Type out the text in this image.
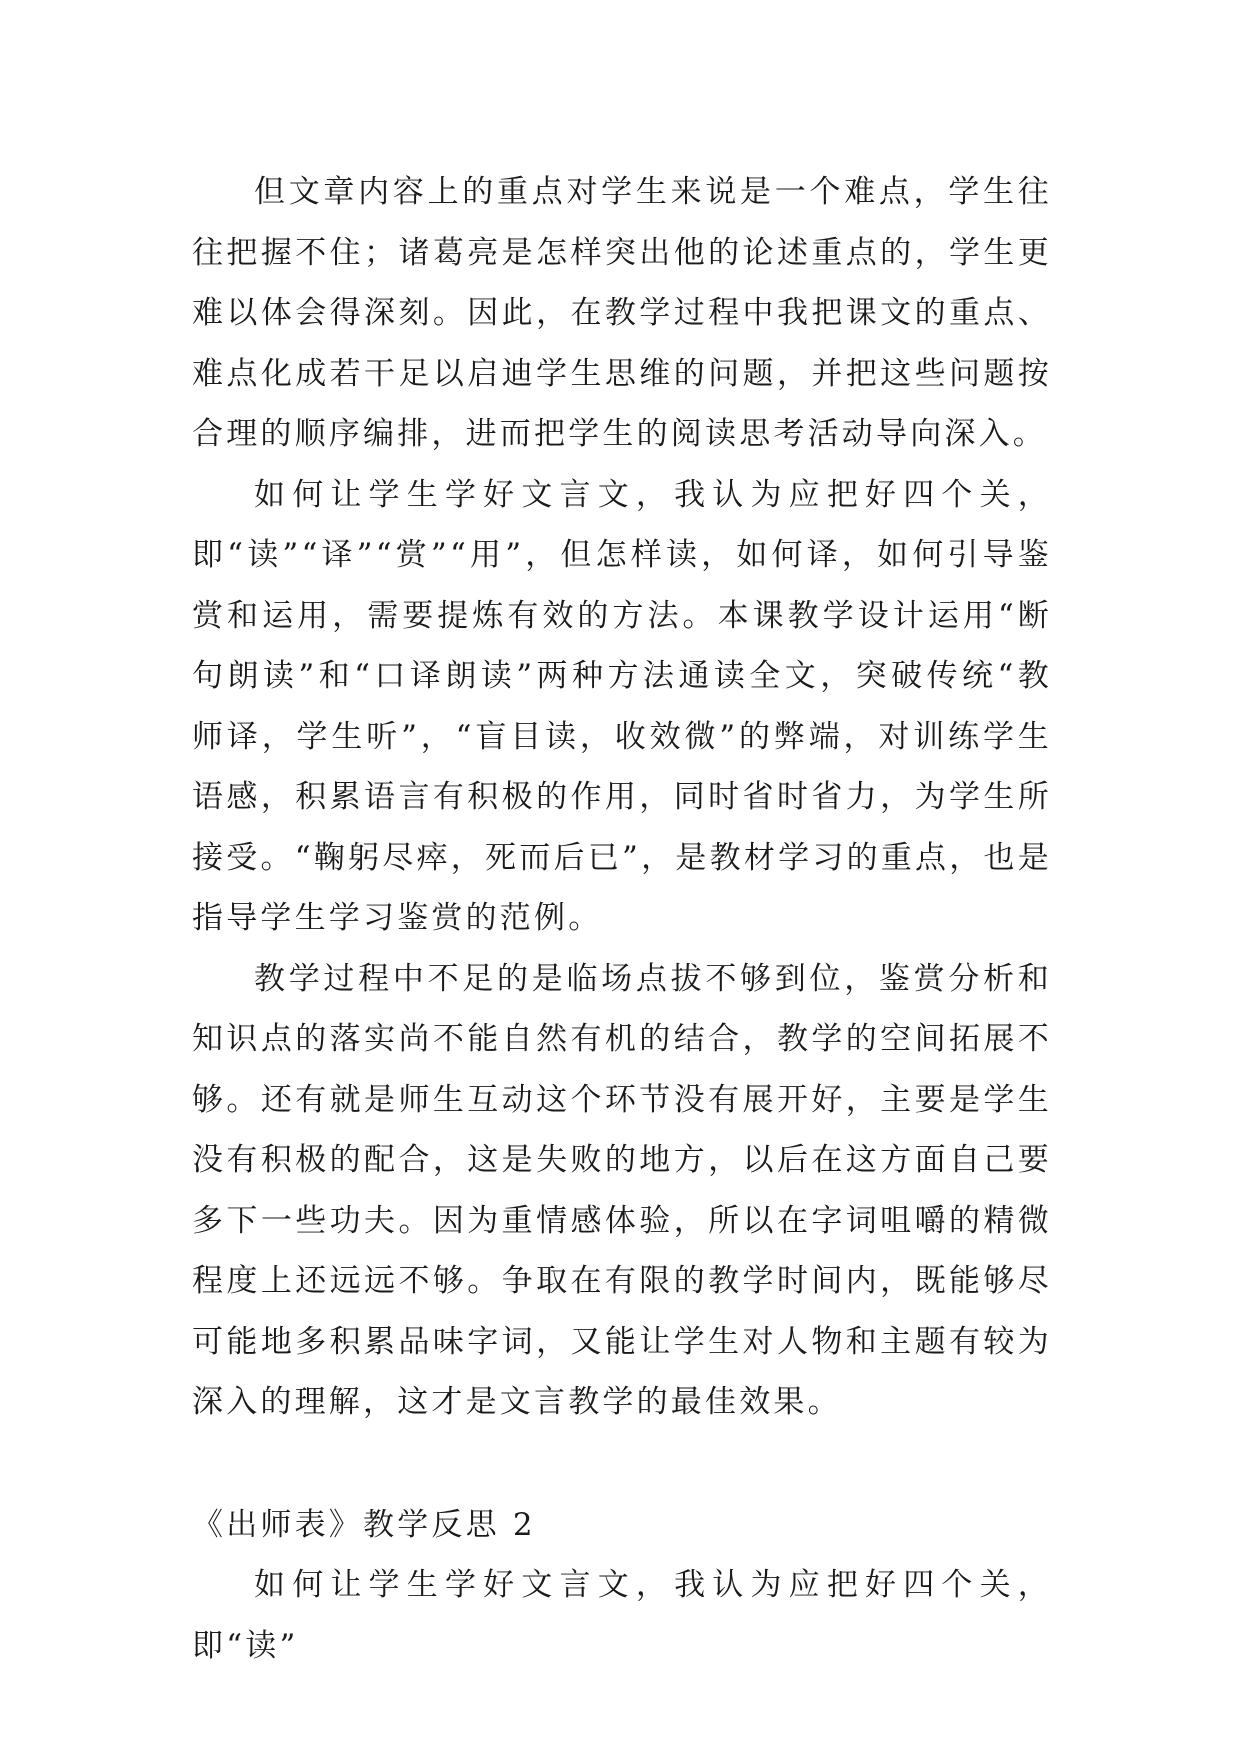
但文章内容上的重点对学生来说是一个难点，学生往往把握不住；诸葛亮是怎样突出他的论述重点的，学生更难以体会得深刻。因此，在教学过程中我把课文的重点、难点化成若干足以启迪学生思维的问题，并把这些问题按合理的顺序编排，进而把学生的阅读思考活动导向深入。

如何让学生学好文言文，我认为应把好四个关，即“读”“译”“赏”“用”，但怎样读，如何译，如何引导鉴赏和运用，需要提炼有效的方法。本课教学设计运用“断句朗读”和“口译朗读”两种方法通读全文，突破传统“教师译，学生听”，“盲目读，收效微”的弊端，对训练学生语感，积累语言有积极的作用，同时省时省力，为学生所接受。“鞠躬尽瘁，死而后已”，是教材学习的重点，也是指导学生学习鉴赏的范例。

教学过程中不足的是临场点拔不够到位，鉴赏分析和知识点的落实尚不能自然有机的结合，教学的空间拓展不够。还有就是师生互动这个环节没有展开好，主要是学生没有积极的配合，这是失败的地方，以后在这方面自己要多下一些功夫。因为重情感体验，所以在字词咀嚼的精微程度上还远远不够。争取在有限的教学时间内，既能够尽可能地多积累品味字词，又能让学生对人物和主题有较为深入的理解，这才是文言教学的最佳效果。

《出师表》教学反思 2

如何让学生学好文言文，我认为应把好四个关，即“读”
